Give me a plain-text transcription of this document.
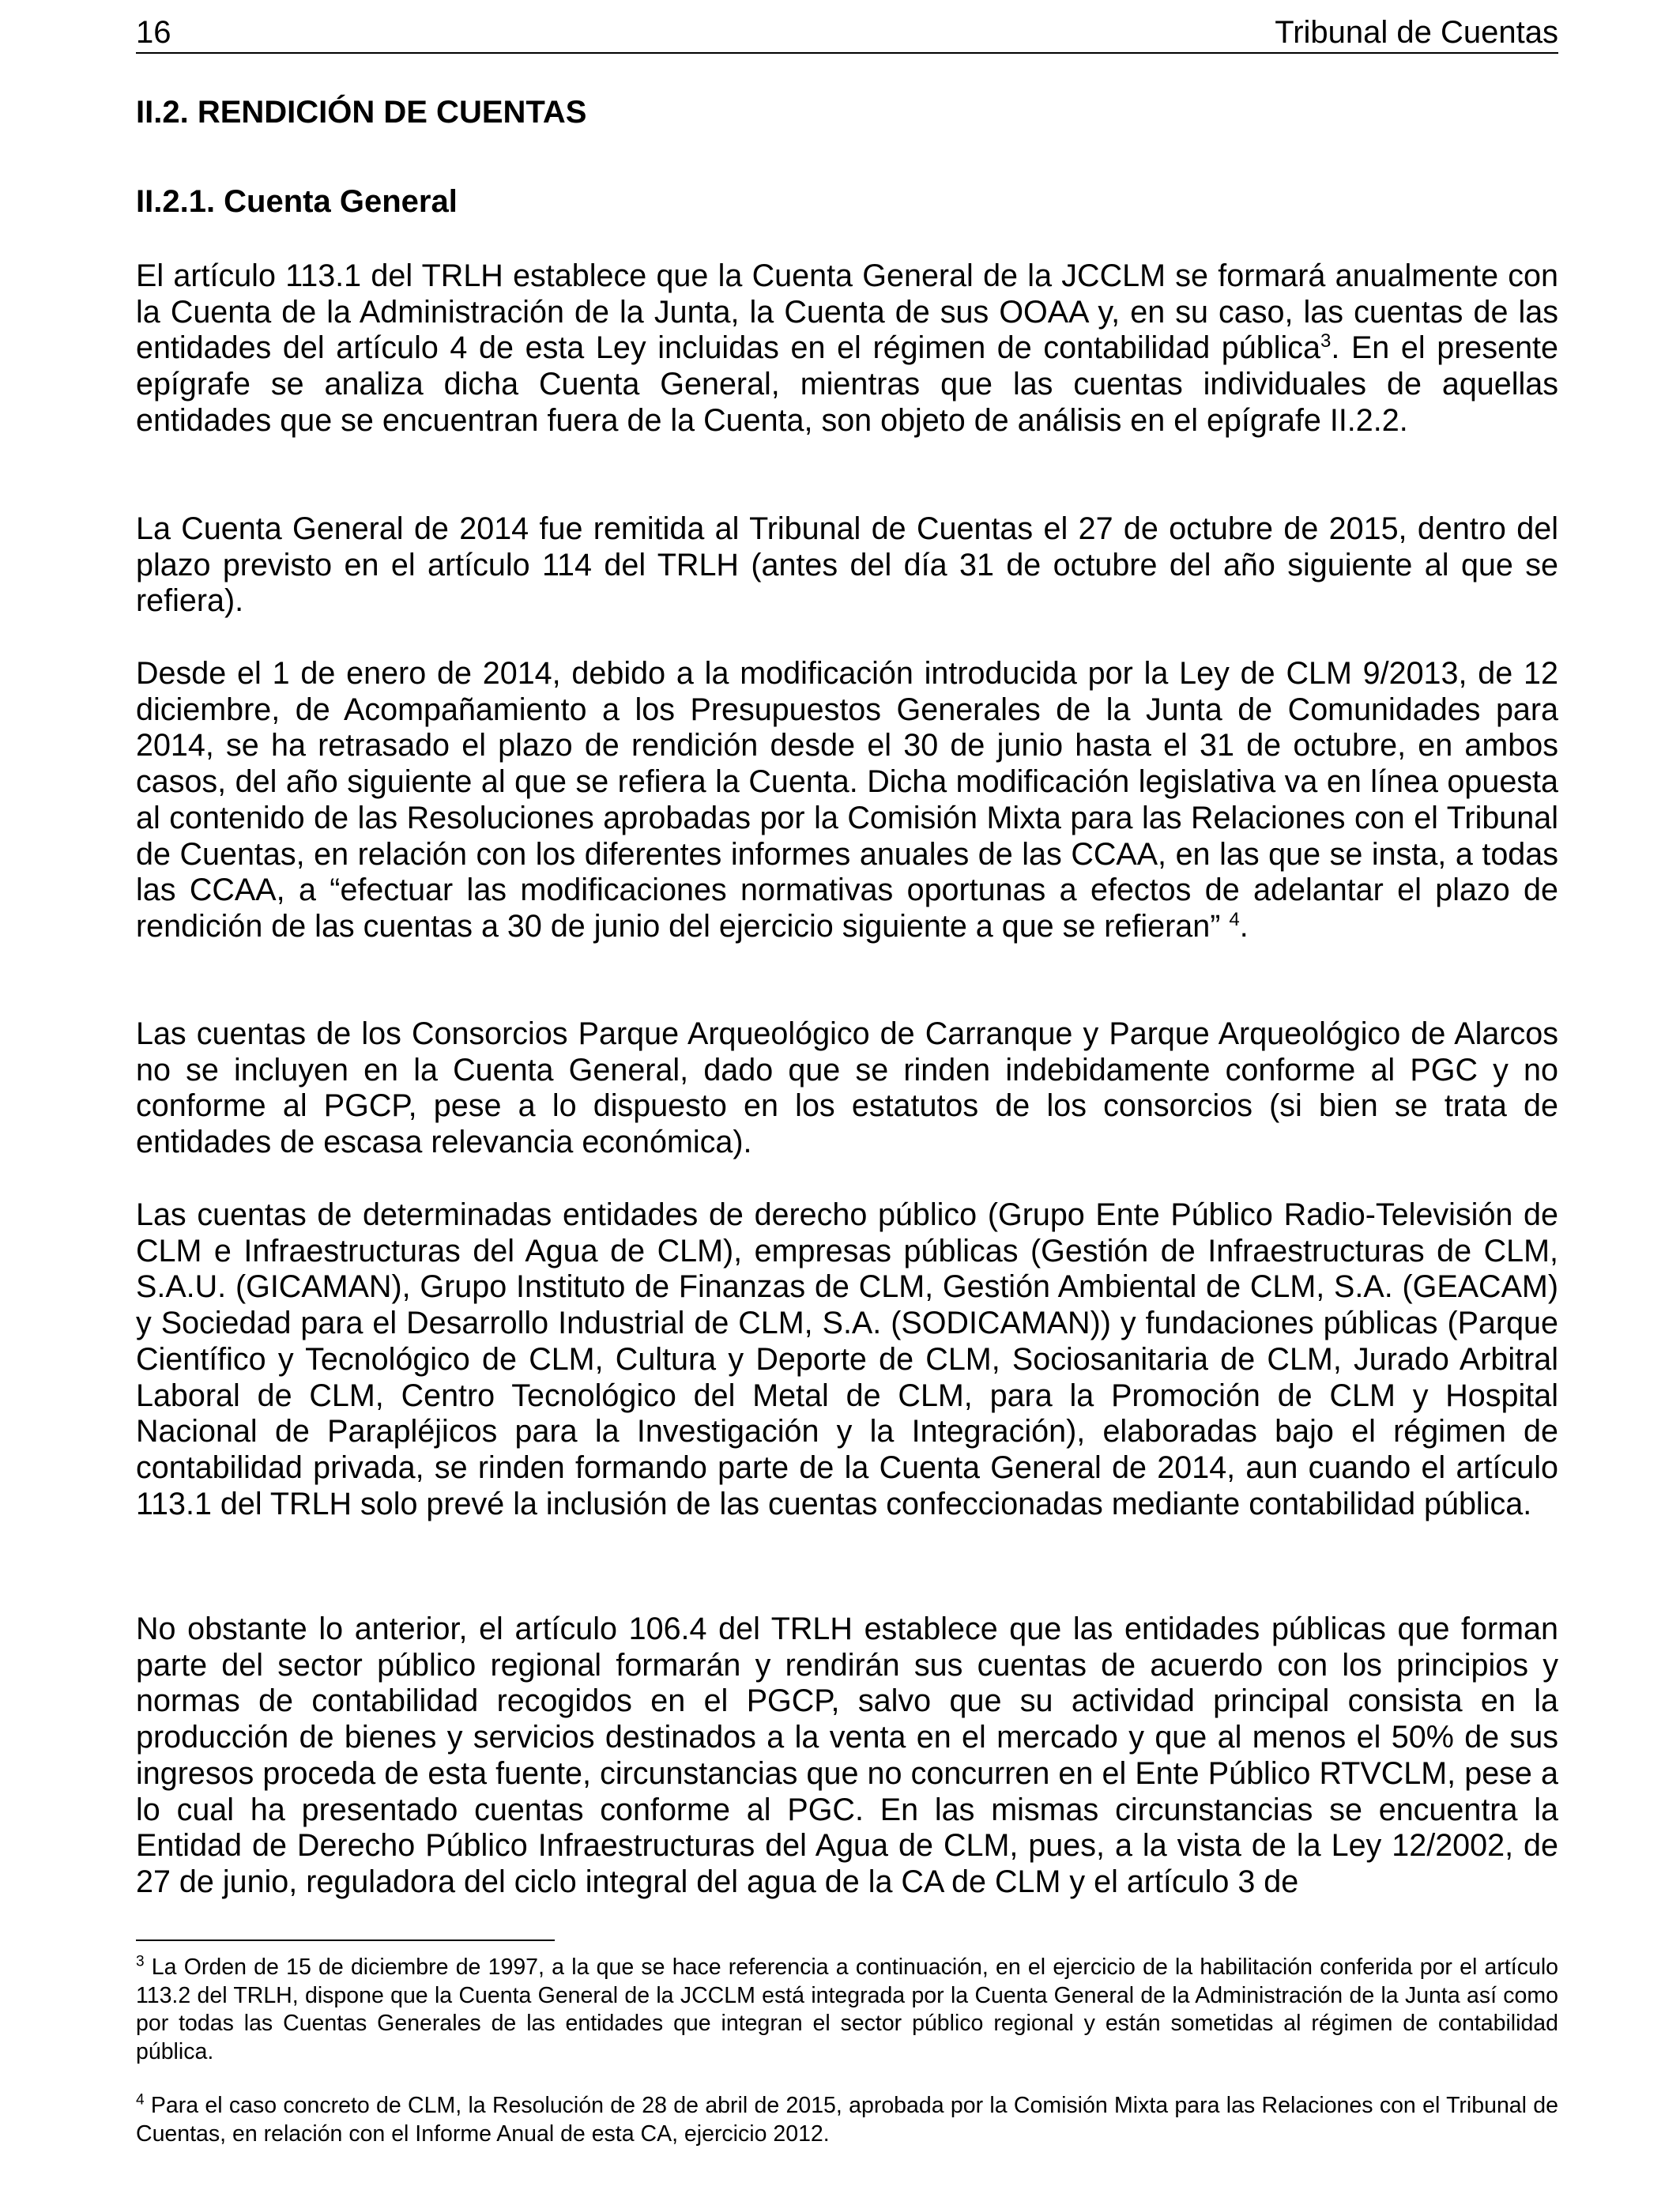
16	Tribunal de Cuentas
II.2. RENDICIÓN DE CUENTAS
II.2.1. Cuenta General

El artículo 113.1 del TRLH establece que la Cuenta General de la JCCLM se formará anualmente con la Cuenta de la Administración de la Junta, la Cuenta de sus OOAA y, en su caso, las cuentas de las entidades del artículo 4 de esta Ley incluidas en el régimen de contabilidad pública$^3$. En el presente epígrafe se analiza dicha Cuenta General, mientras que las cuentas individuales de aquellas entidades que se encuentran fuera de la Cuenta, son objeto de análisis en el epígrafe II.2.2.

La Cuenta General de 2014 fue remitida al Tribunal de Cuentas el 27 de octubre de 2015, dentro del plazo previsto en el artículo 114 del TRLH (antes del día 31 de octubre del año siguiente al que se refiera).

Desde el 1 de enero de 2014, debido a la modificación introducida por la Ley de CLM 9/2013, de 12 diciembre, de Acompañamiento a los Presupuestos Generales de la Junta de Comunidades para 2014, se ha retrasado el plazo de rendición desde el 30 de junio hasta el 31 de octubre, en ambos casos, del año siguiente al que se refiera la Cuenta. Dicha modificación legislativa va en línea opuesta al contenido de las Resoluciones aprobadas por la Comisión Mixta para las Relaciones con el Tribunal de Cuentas, en relación con los diferentes informes anuales de las CCAA, en las que se insta, a todas las CCAA, a “efectuar las modificaciones normativas oportunas a efectos de adelantar el plazo de rendición de las cuentas a 30 de junio del ejercicio siguiente a que se refieran” $^4$.

Las cuentas de los Consorcios Parque Arqueológico de Carranque y Parque Arqueológico de Alarcos no se incluyen en la Cuenta General, dado que se rinden indebidamente conforme al PGC y no conforme al PGCP, pese a lo dispuesto en los estatutos de los consorcios (si bien se trata de entidades de escasa relevancia económica).

Las cuentas de determinadas entidades de derecho público (Grupo Ente Público Radio-Televisión de CLM e Infraestructuras del Agua de CLM), empresas públicas (Gestión de Infraestructuras de CLM, S.A.U. (GICAMAN), Grupo Instituto de Finanzas de CLM, Gestión Ambiental de CLM, S.A. (GEACAM) y Sociedad para el Desarrollo Industrial de CLM, S.A. (SODICAMAN)) y fundaciones públicas (Parque Científico y Tecnológico de CLM, Cultura y Deporte de CLM, Sociosanitaria de CLM, Jurado Arbitral Laboral de CLM, Centro Tecnológico del Metal de CLM, para la Promoción de CLM y Hospital Nacional de Parapléjicos para la Investigación y la Integración), elaboradas bajo el régimen de contabilidad privada, se rinden formando parte de la Cuenta General de 2014, aun cuando el artículo 113.1 del TRLH solo prevé la inclusión de las cuentas confeccionadas mediante contabilidad pública.

No obstante lo anterior, el artículo 106.4 del TRLH establece que las entidades públicas que forman parte del sector público regional formarán y rendirán sus cuentas de acuerdo con los principios y normas de contabilidad recogidos en el PGCP, salvo que su actividad principal consista en la producción de bienes y servicios destinados a la venta en el mercado y que al menos el 50% de sus ingresos proceda de esta fuente, circunstancias que no concurren en el Ente Público RTVCLM, pese a lo cual ha presentado cuentas conforme al PGC. En las mismas circunstancias se encuentra la Entidad de Derecho Público Infraestructuras del Agua de CLM, pues, a la vista de la Ley 12/2002, de 27 de junio, reguladora del ciclo integral del agua de la CA de CLM y el artículo 3 de

$^3$ La Orden de 15 de diciembre de 1997, a la que se hace referencia a continuación, en el ejercicio de la habilitación conferida por el artículo 113.2 del TRLH, dispone que la Cuenta General de la JCCLM está integrada por la Cuenta General de la Administración de la Junta así como por todas las Cuentas Generales de las entidades que integran el sector público regional y están sometidas al régimen de contabilidad pública.

$^4$ Para el caso concreto de CLM, la Resolución de 28 de abril de 2015, aprobada por la Comisión Mixta para las Relaciones con el Tribunal de Cuentas, en relación con el Informe Anual de esta CA, ejercicio 2012.
